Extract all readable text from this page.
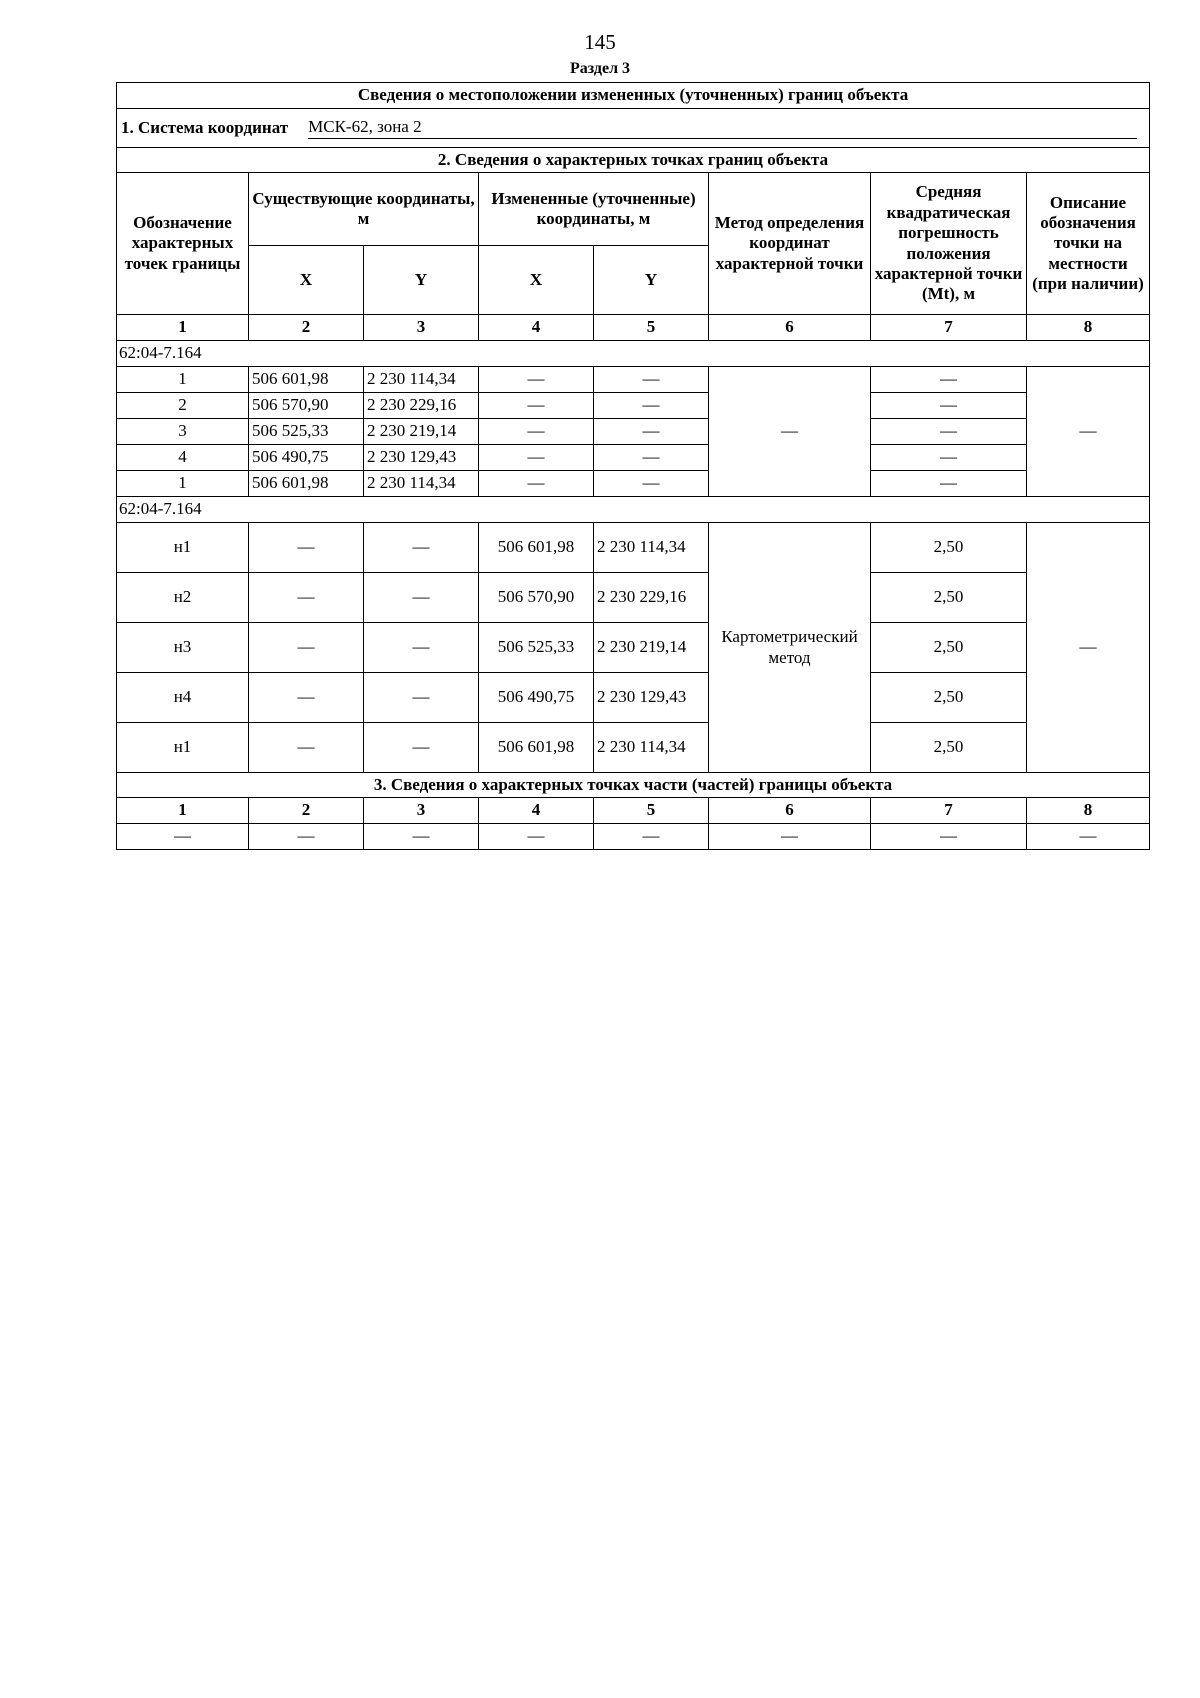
145
Раздел 3
Сведения о местоположении измененных (уточненных) границ объекта							

1. Система координат МСК-62, зона 2							

2. Сведения о характерных точках границ объекта							
Обозначение характерных точек границы	Существующие координаты, м		Измененные (уточненные) координаты, м		Метод определения координат характерной точки	Средняя квадратическая погрешность положения характерной точки (Mt), м	Описание обозначения точки на местности (при наличии)
	X	Y	X	Y			
1	2	3	4	5	6	7	8
62:04-7.164							
1	506 601,98	2 230 114,34	—	—	—	—	—
2	506 570,90	2 230 229,16	—	—		—	
3	506 525,33	2 230 219,14	—	—		—	
4	506 490,75	2 230 129,43	—	—		—	
1	506 601,98	2 230 114,34	—	—		—	
62:04-7.164							
н1	—	—	506 601,98	2 230 114,34	Картометрический метод	2,50	—
н2	—	—	506 570,90	2 230 229,16		2,50	
н3	—	—	506 525,33	2 230 219,14		2,50	
н4	—	—	506 490,75	2 230 129,43		2,50	
н1	—	—	506 601,98	2 230 114,34		2,50	
3. Сведения о характерных точках части (частей) границы объекта							
1	2	3	4	5	6	7	8
—	—	—	—	—	—	—	—
